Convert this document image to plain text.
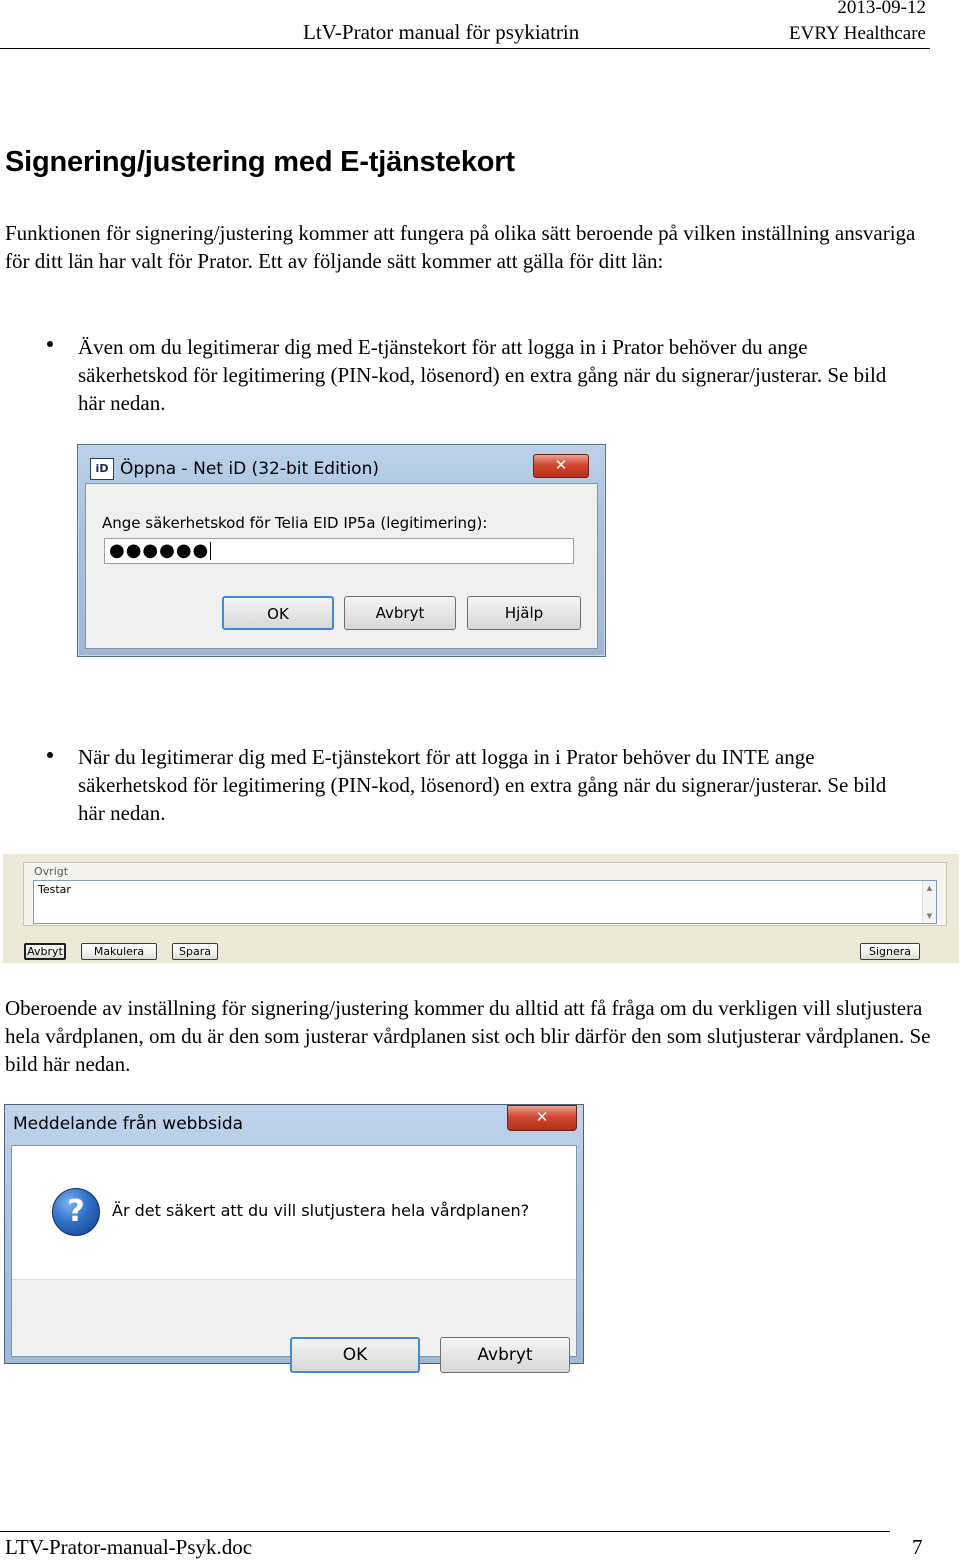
LtV-Prator manual för psykiatrin
2013-09-12
EVRY Healthcare
Signering/justering med E-tjänstekort
Funktionen för signering/justering kommer att fungera på olika sätt beroende på vilken inställning ansvariga för ditt län har valt för Prator. Ett av följande sätt kommer att gälla för ditt län:
Även om du legitimerar dig med E-tjänstekort för att logga in i Prator behöver du ange säkerhetskod för legitimering (PIN-kod, lösenord) en extra gång när du signerar/justerar. Se bild här nedan.
iD Öppna - Net iD (32-bit Edition)	✕
Ange säkerhetskod för Telia EID IP5a (legitimering):
●●●●●●
OK	Avbryt	Hjälp
När du legitimerar dig med E-tjänstekort för att logga in i Prator behöver du INTE ange säkerhetskod för legitimering (PIN-kod, lösenord) en extra gång när du signerar/justerar. Se bild här nedan.
Ovrigt
Testar	▲
▼
Avbryt	Makulera	Spara	Signera
Oberoende av inställning för signering/justering kommer du alltid att få fråga om du verkligen vill slutjustera hela vårdplanen, om du är den som justerar vårdplanen sist och blir därför den som slutjusterar vårdplanen. Se bild här nedan.
Meddelande från webbsida	✕
?	Är det säkert att du vill slutjustera hela vårdplanen?
OK	Avbryt
LTV-Prator-manual-Psyk.doc	7
